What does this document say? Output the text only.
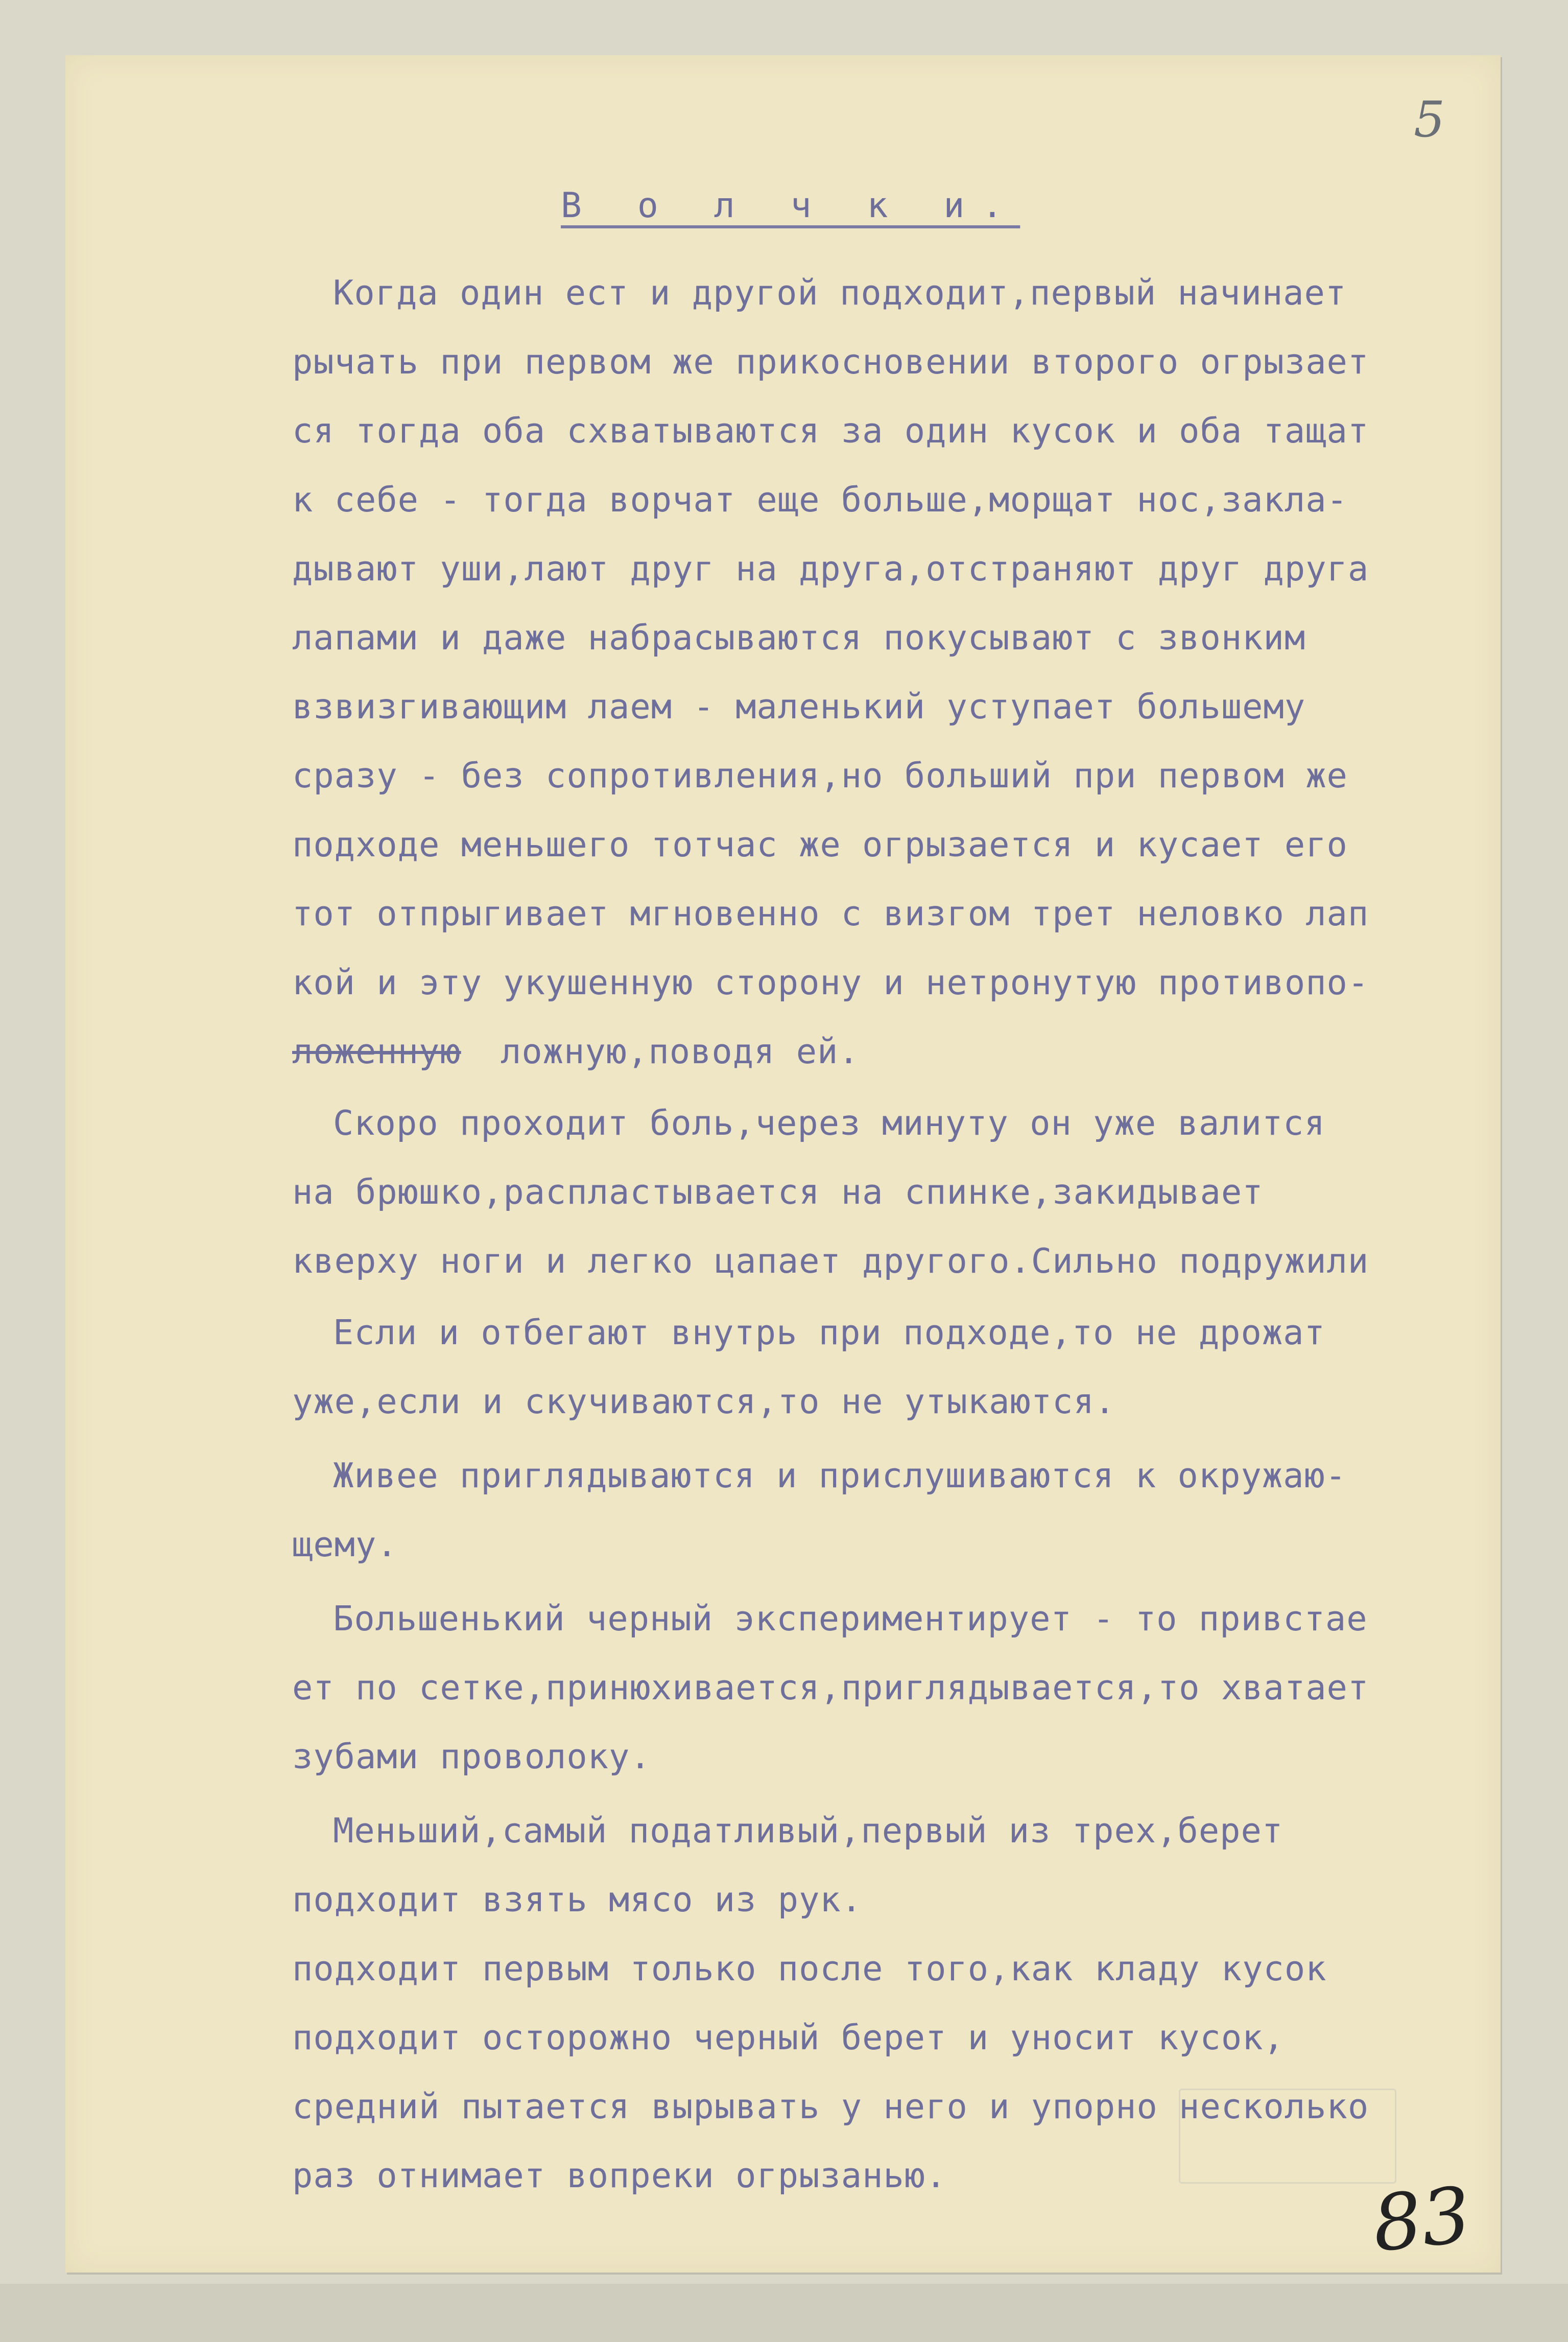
5

В о л ч к и.

Когда один ест и другой подходит,первый начинает

рычать при первом же прикосновении второго огрызает

ся тогда оба схватываются за один кусок и оба тащат

к себе - тогда ворчат еще больше,морщат нос,закла-

дывают уши,лают друг на друга,отстраняют друг друга

лапами и даже набрасываются покусывают с звонким

взвизгивающим лаем - маленький уступает большему

сразу - без сопротивления,но больший при первом же

подходе меньшего тотчас же огрызается и кусает его

тот отпрыгивает мгновенно с визгом трет неловко лап

кой и эту укушенную сторону и нетронутую противопо-

ложенную ложную,поводя ей.

Скоро проходит боль,через минуту он уже валится

на брюшко,распластывается на спинке,закидывает

кверху ноги и легко цапает другого.Сильно подружили

Если и отбегают внутрь при подходе,то не дрожат

уже,если и скучиваются,то не утыкаются.

Живее приглядываются и прислушиваются к окружаю-

щему.

Большенький черный экспериментирует - то привстае

ет по сетке,принюхивается,приглядывается,то хватает

зубами проволоку.

Меньший,самый податливый,первый из трех,берет

подходит взять мясо из рук.

подходит первым только после того,как кладу кусок

подходит осторожно черный берет и уносит кусок,

средний пытается вырывать у него и упорно несколько

раз отнимает вопреки огрызанью.	83
